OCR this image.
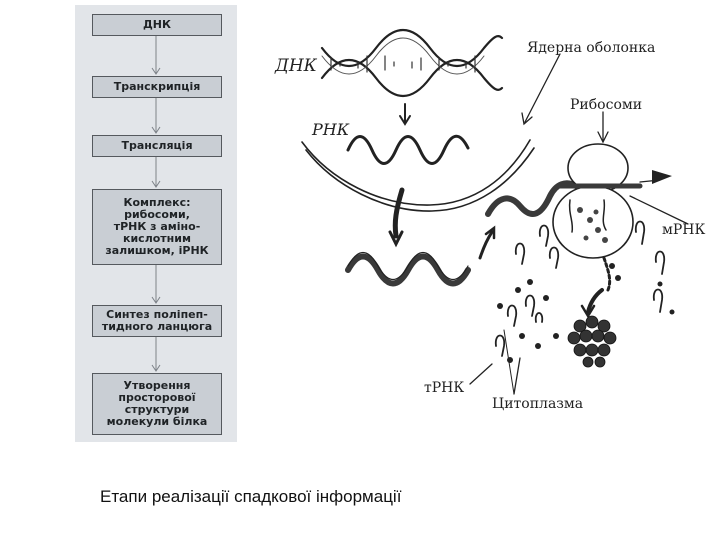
ДНК
Транскрипція
Трансляція
Комплекс:
рибосоми,
тРНК з аміно-
кислотним
залишком, іРНК
Синтез поліпеп-
тидного ланцюга
Утворення
просторової
структури
молекули білка
ДНК
РНК
Ядерна оболонка
Рибосоми
мРНК
тРНК
Цитоплазма
Етапи реалізації спадкової інформації
